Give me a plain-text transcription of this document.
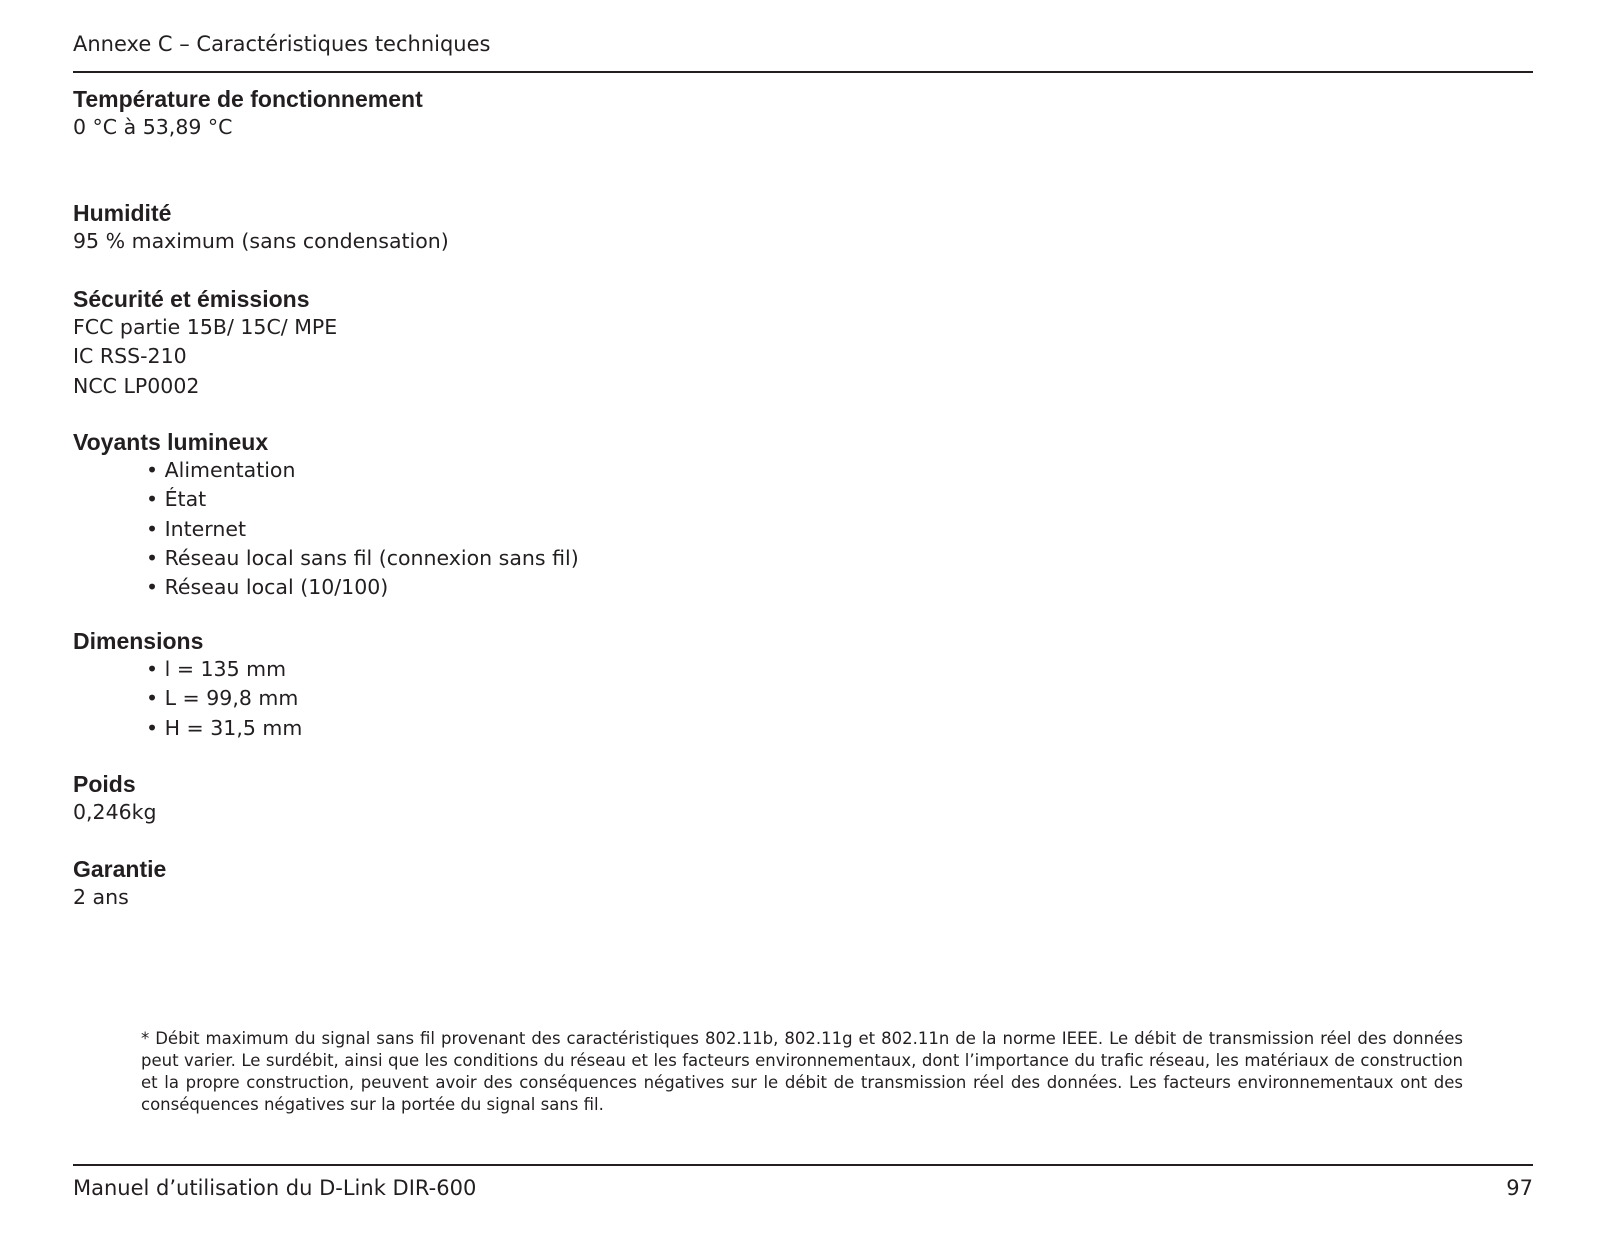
Annexe C – Caractéristiques techniques
Température de fonctionnement
0 °C à 53,89 °C
Humidité
95 % maximum (sans condensation)
Sécurité et émissions
FCC partie 15B/ 15C/ MPE
IC RSS-210
NCC LP0002
Voyants lumineux
• Alimentation
• État
• Internet
• Réseau local sans fil (connexion sans fil)
• Réseau local (10/100)
Dimensions
• l = 135 mm
• L = 99,8 mm
• H = 31,5 mm
Poids
0,246kg
Garantie
2 ans

* Débit maximum du signal sans fil provenant des caractéristiques 802.11b, 802.11g et 802.11n de la norme IEEE. Le débit de transmission réel des données peut varier. Le surdébit, ainsi que les conditions du réseau et les facteurs environnementaux, dont l’importance du trafic réseau, les matériaux de construction et la propre construction, peuvent avoir des conséquences négatives sur le débit de transmission réel des données. Les facteurs environnementaux ont des conséquences négatives sur la portée du signal sans fil.

Manuel d’utilisation du D-Link DIR-600	97
